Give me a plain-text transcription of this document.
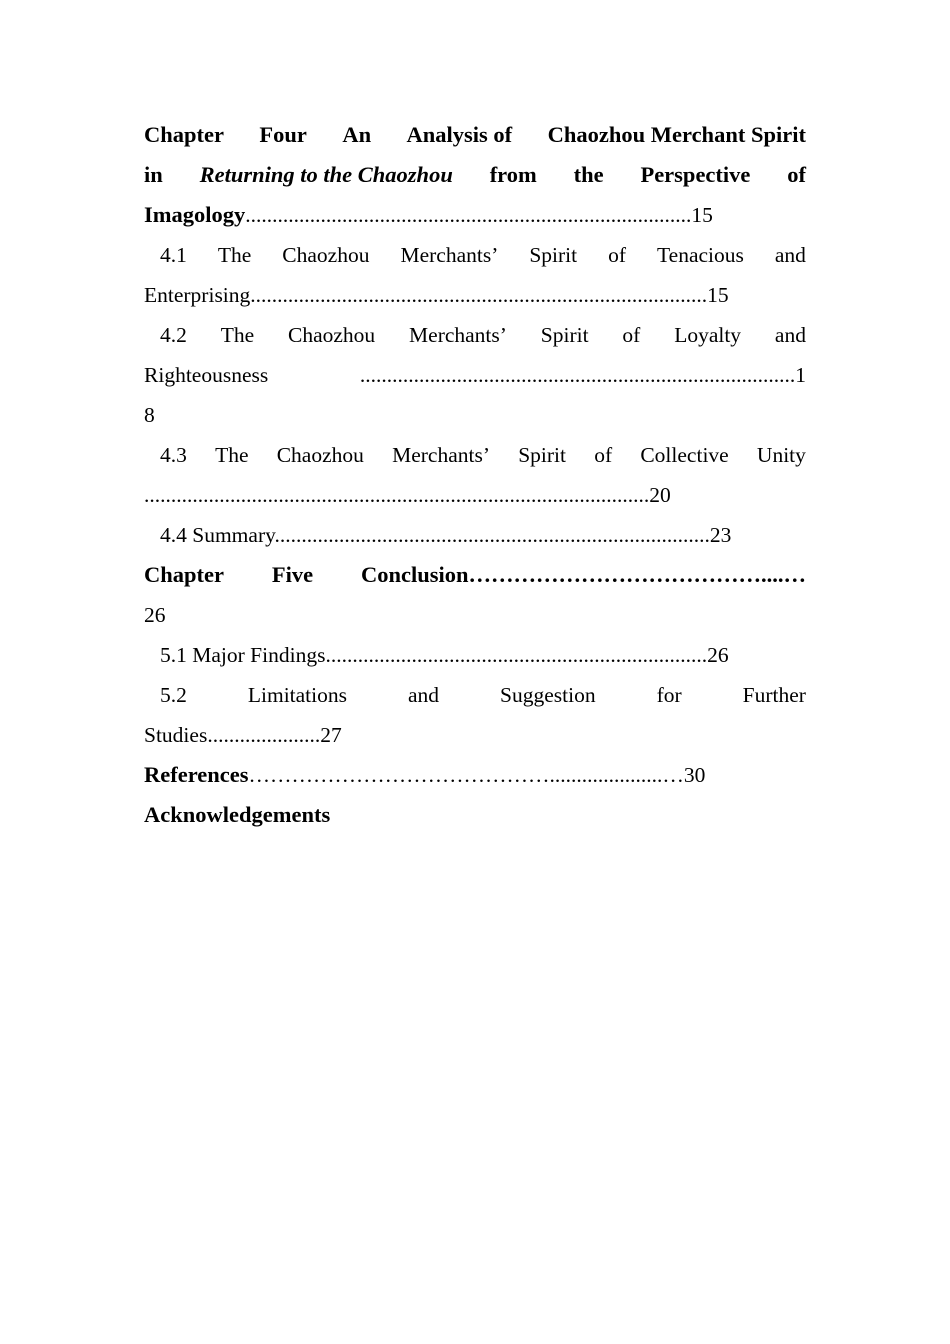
Chapter Four An Analysis of Chaozhou Merchant Spirit
in Returning to the Chaozhou from the Perspective of
Imagology...................................................................................15
4.1 The Chaozhou Merchants’ Spirit of Tenacious and
Enterprising.....................................................................................15
4.2 The Chaozhou Merchants’ Spirit of Loyalty and
Righteousness	.................................................................................1
8
4.3 The Chaozhou Merchants’ Spirit of Collective Unity
..............................................................................................20
4.4 Summary.................................................................................23
Chapter Five Conclusion…………………………………....…
26
5.1 Major Findings.......................................................................26
5.2	Limitations	and	Suggestion	for	Further
Studies.....................27
References…………………………………….....................…30
Acknowledgements
